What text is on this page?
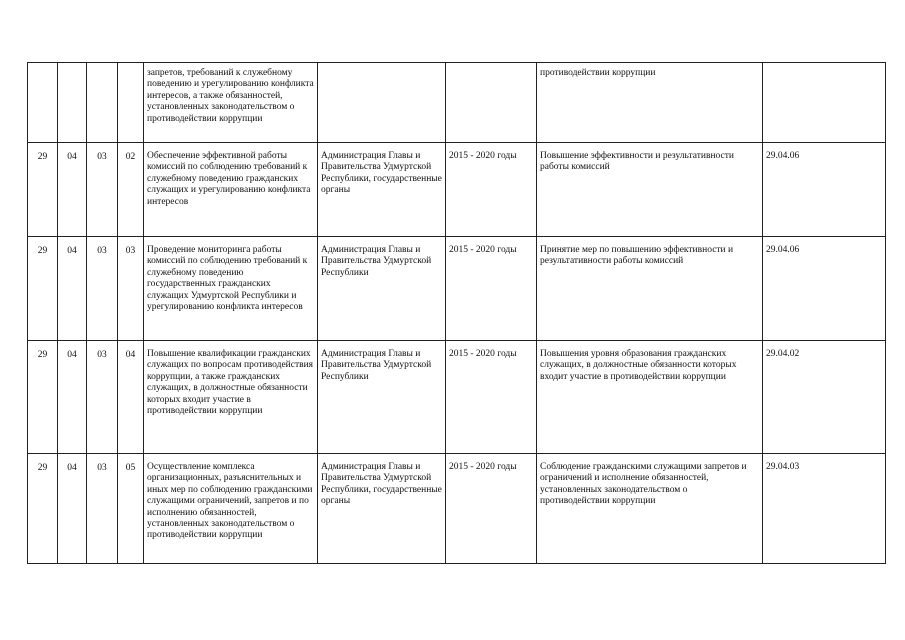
				запретов, требований к служебному поведению и урегулированию конфликта интересов, а также обязанностей, установленных законодательством о противодействии коррупции			противодействии коррупции	
29	04	03	02	Обеспечение эффективной работы комиссий по соблюдению требований к служебному поведению гражданских служащих и урегулированию конфликта интересов	Администрация Главы и Правительства Удмуртской Республики, государственные органы	2015 - 2020 годы	Повышение эффективности и результативности работы комиссий	29.04.06
29	04	03	03	Проведение мониторинга работы комиссий по соблюдению требований к служебному поведению государственных гражданских служащих Удмуртской Республики и урегулированию конфликта интересов	Администрация Главы и Правительства Удмуртской Республики	2015 - 2020 годы	Принятие мер по повышению эффективности и результативности работы комиссий	29.04.06
29	04	03	04	Повышение квалификации гражданских служащих по вопросам противодействия коррупции, а также гражданских служащих, в должностные обязанности которых входит участие в противодействии коррупции	Администрация Главы и Правительства Удмуртской Республики	2015 - 2020 годы	Повышения уровня образования гражданских служащих, в должностные обязанности которых входит участие в противодействии коррупции	29.04.02
29	04	03	05	Осуществление комплекса организационных, разъяснительных и иных мер по соблюдению гражданскими служащими ограничений, запретов и по исполнению обязанностей, установленных законодательством о противодействии коррупции	Администрация Главы и Правительства Удмуртской Республики, государственные органы	2015 - 2020 годы	Соблюдение гражданскими служащими запретов и ограничений и исполнение обязанностей, установленных законодательством о противодействии коррупции	29.04.03
